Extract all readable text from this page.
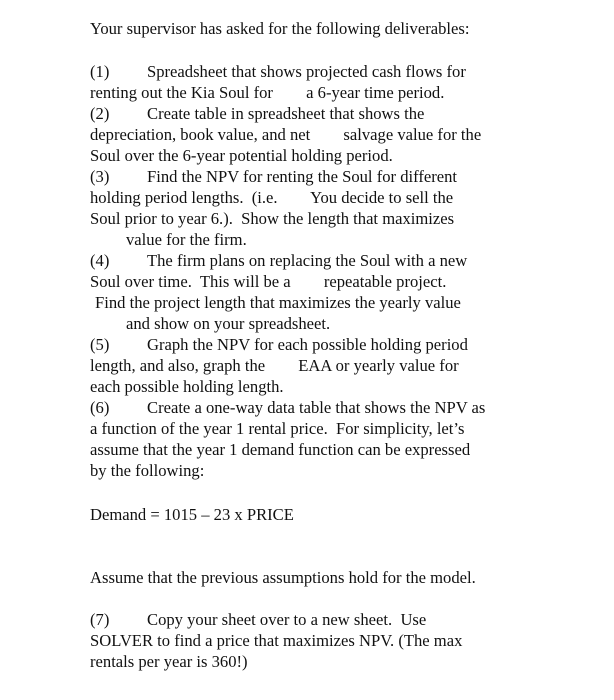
Your supervisor has asked for the following deliverables:
(1) Spreadsheet that shows projected cash flows for
renting out the Kia Soul for        a 6-year time period.
(2) Create table in spreadsheet that shows the
depreciation, book value, and net        salvage value for the
Soul over the 6-year potential holding period.
(3) Find the NPV for renting the Soul for different
holding period lengths.  (i.e.        You decide to sell the
Soul prior to year 6.).  Show the length that maximizes
value for the firm.
(4) The firm plans on replacing the Soul with a new
Soul over time.  This will be a        repeatable project.
Find the project length that maximizes the yearly value
and show on your spreadsheet.
(5) Graph the NPV for each possible holding period
length, and also, graph the        EAA or yearly value for
each possible holding length.
(6) Create a one-way data table that shows the NPV as
a function of the year 1 rental price.  For simplicity, let’s
assume that the year 1 demand function can be expressed
by the following:
Demand = 1015 – 23 x PRICE
Assume that the previous assumptions hold for the model.
(7) Copy your sheet over to a new sheet.  Use
SOLVER to find a price that maximizes NPV. (The max
rentals per year is 360!)
